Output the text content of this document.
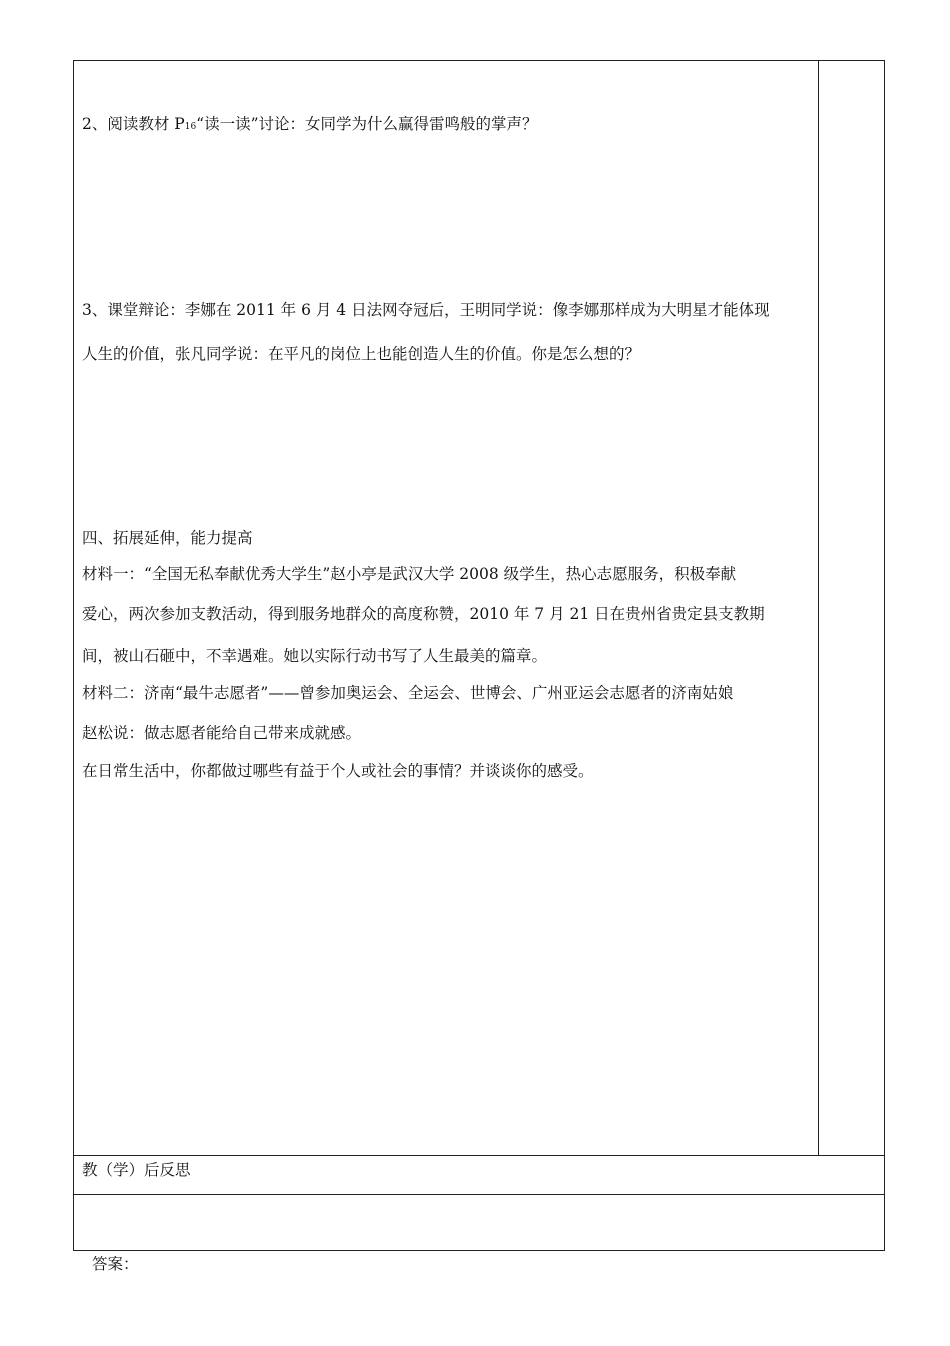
2、阅读教材 P16“读一读”讨论：女同学为什么赢得雷鸣般的掌声？
3、课堂辩论：李娜在 2011 年 6 月 4 日法网夺冠后，王明同学说：像李娜那样成为大明星才能体现
人生的价值，张凡同学说：在平凡的岗位上也能创造人生的价值。你是怎么想的？
四、拓展延伸，能力提高
材料一：“全国无私奉献优秀大学生”赵小亭是武汉大学 2008 级学生，热心志愿服务，积极奉献
爱心，两次参加支教活动，得到服务地群众的高度称赞，2010 年 7 月 21 日在贵州省贵定县支教期
间，被山石砸中，不幸遇难。她以实际行动书写了人生最美的篇章。
材料二：济南“最牛志愿者”——曾参加奥运会、全运会、世博会、广州亚运会志愿者的济南姑娘
赵松说：做志愿者能给自己带来成就感。
在日常生活中，你都做过哪些有益于个人或社会的事情？并谈谈你的感受。
教（学）后反思
答案：
